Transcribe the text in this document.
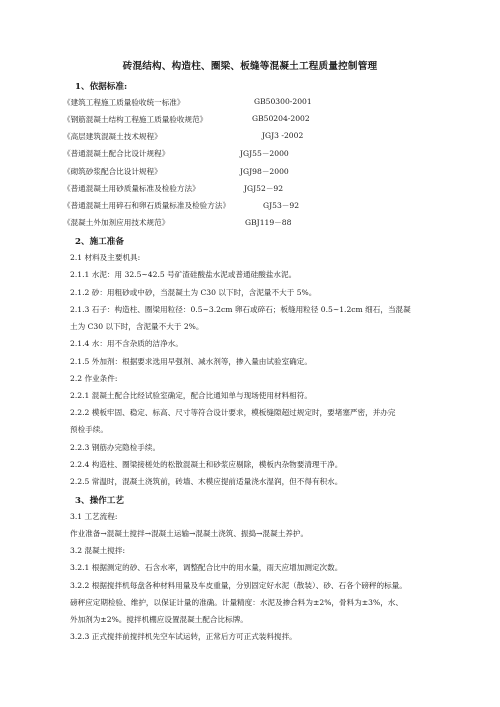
砖混结构、构造柱、圈梁、板缝等混凝土工程质量控制管理
1、依据标准:
《建筑工程施工质量验收统一标准》	GB50300-2001
《钢筋混凝土结构工程施工质量验收规范》	GB50204-2002
《高层建筑混凝土技术规程》	JGJ3 -2002
《普通混凝土配合比设计规程》	JGJ55－2000
《砌筑砂浆配合比设计规程》	JGJ98－2000
《普通混凝土用砂质量标准及检验方法》	JGJ52－92
《普通混凝土用碎石和卵石质量标准及检验方法》	GJ53－92
《混凝土外加剂应用技术规范》	GBJ119－88
2、施工准备
2.1 材料及主要机具:
2.1.1 水泥：用 32.5~42.5 号矿渣硅酸盐水泥或普通硅酸盐水泥。
2.1.2 砂：用粗砂或中砂，当混凝土为 C30 以下时，含泥量不大于 5%。
2.1.3 石子：构造柱、圈梁用粒径：0.5~3.2cm 卵石或碎石；板缝用粒径 0.5~1.2cm 细石，当混凝
土为 C30 以下时，含泥量不大于 2%。
2.1.4 水：用不含杂质的洁净水。
2.1.5 外加剂：根据要求选用早强剂、减水剂等，掺入量由试验室确定。
2.2 作业条件:
2.2.1 混凝土配合比经试验室确定，配合比通知单与现场使用材料相符。
2.2.2 模板牢固、稳定、标高、尺寸等符合设计要求，模板缝隙超过规定时，要堵塞严密，并办完
预检手续。
2.2.3 钢筋办完隐检手续。
2.2.4 构造柱、圈梁接槎处的松散混凝土和砂浆应剔除，模板内杂物要清理干净。
2.2.5 常温时，混凝土浇筑前，砖墙、木模应提前适量浇水湿润，但不得有积水。
3、操作工艺
3.1 工艺流程:
作业准备→混凝土搅拌→混凝土运输→混凝土浇筑、振捣→混凝土养护。
3.2 混凝土搅拌:
3.2.1 根据测定的砂、石含水率，调整配合比中的用水量，雨天应增加测定次数。
3.2.2 根据搅拌机每盘各种材料用量及车皮重量，分别固定好水泥（散装）、砂、石各个磅秤的标量。
磅秤应定期检验、维护，以保证计量的准确。计量精度：水泥及掺合料为±2%，骨料为±3%，水、
外加剂为±2%。搅拌机棚应设置混凝土配合比标牌。
3.2.3 正式搅拌前搅拌机先空车试运转，正常后方可正式装料搅拌。
